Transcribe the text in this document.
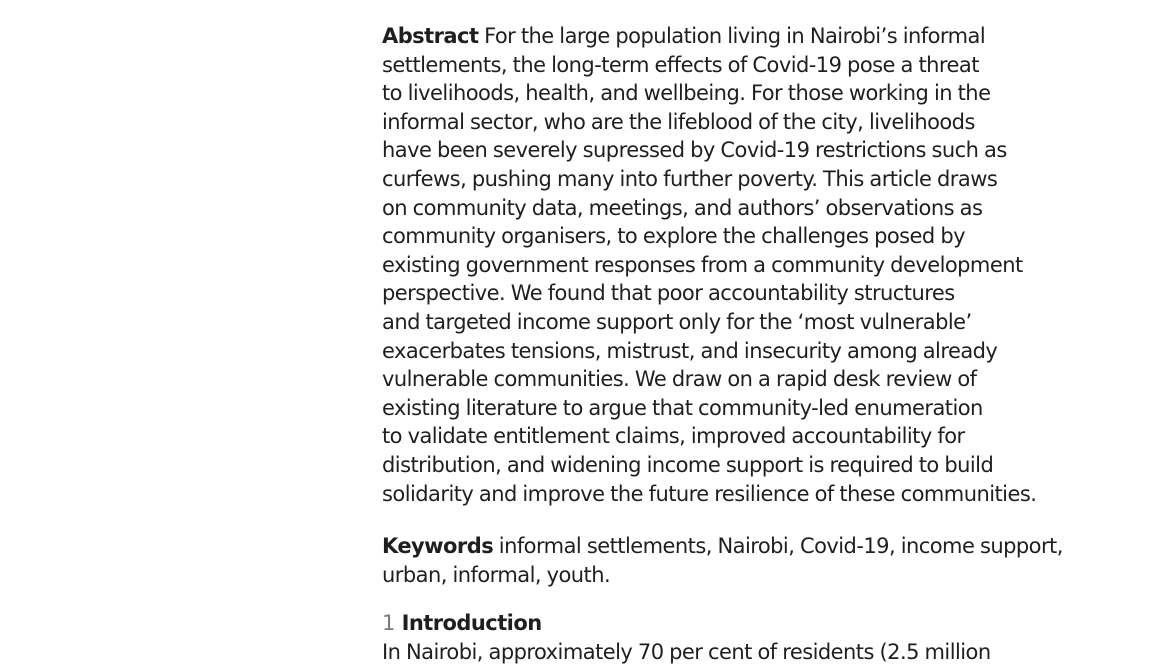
Abstract For the large population living in Nairobi’s informal
settlements, the long-term effects of Covid-19 pose a threat
to livelihoods, health, and wellbeing. For those working in the
informal sector, who are the lifeblood of the city, livelihoods
have been severely supressed by Covid-19 restrictions such as
curfews, pushing many into further poverty. This article draws
on community data, meetings, and authors’ observations as
community organisers, to explore the challenges posed by
existing government responses from a community development
perspective. We found that poor accountability structures
and targeted income support only for the ‘most vulnerable’
exacerbates tensions, mistrust, and insecurity among already
vulnerable communities. We draw on a rapid desk review of
existing literature to argue that community-led enumeration
to validate entitlement claims, improved accountability for
distribution, and widening income support is required to build
solidarity and improve the future resilience of these communities.

Keywords informal settlements, Nairobi, Covid-19, income support,
urban, informal, youth.

1 Introduction

In Nairobi, approximately 70 per cent of residents (2.5 million
